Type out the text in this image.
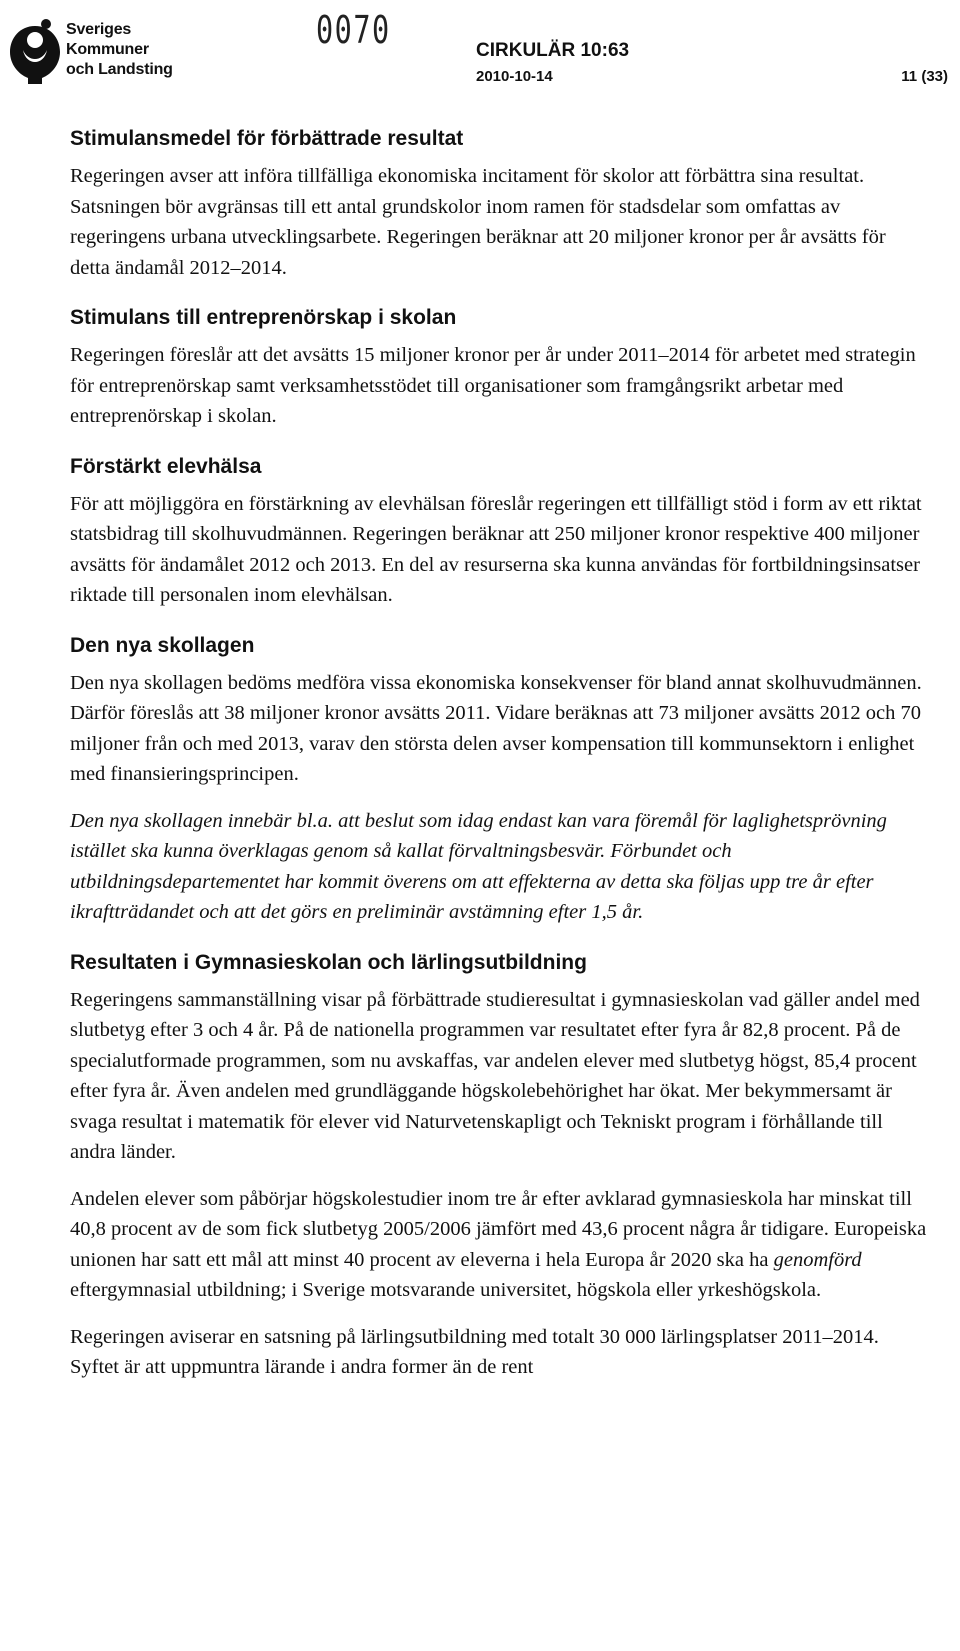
Sveriges
Kommuner
och Landsting
0070	CIRKULÄR 10:63
2010-10-14	11 (33)
Stimulansmedel för förbättrade resultat

Regeringen avser att införa tillfälliga ekonomiska incitament för skolor att förbättra sina resultat. Satsningen bör avgränsas till ett antal grundskolor inom ramen för stadsdelar som omfattas av regeringens urbana utvecklingsarbete. Regeringen beräknar att 20 miljoner kronor per år avsätts för detta ändamål 2012–2014.

Stimulans till entreprenörskap i skolan

Regeringen föreslår att det avsätts 15 miljoner kronor per år under 2011–2014 för arbetet med strategin för entreprenörskap samt verksamhetsstödet till organisationer som framgångsrikt arbetar med entreprenörskap i skolan.

Förstärkt elevhälsa

För att möjliggöra en förstärkning av elevhälsan föreslår regeringen ett tillfälligt stöd i form av ett riktat statsbidrag till skolhuvudmännen. Regeringen beräknar att 250 miljoner kronor respektive 400 miljoner avsätts för ändamålet 2012 och 2013. En del av resurserna ska kunna användas för fortbildningsinsatser riktade till personalen inom elevhälsan.

Den nya skollagen

Den nya skollagen bedöms medföra vissa ekonomiska konsekvenser för bland annat skolhuvudmännen. Därför föreslås att 38 miljoner kronor avsätts 2011. Vidare beräknas att 73 miljoner avsätts 2012 och 70 miljoner från och med 2013, varav den största delen avser kompensation till kommunsektorn i enlighet med finansieringsprincipen.

Den nya skollagen innebär bl.a. att beslut som idag endast kan vara föremål för laglighetsprövning istället ska kunna överklagas genom så kallat förvaltningsbesvär. Förbundet och utbildningsdepartementet har kommit överens om att effekterna av detta ska följas upp tre år efter ikraftträdandet och att det görs en preliminär avstämning efter 1,5 år.

Resultaten i Gymnasieskolan och lärlingsutbildning

Regeringens sammanställning visar på förbättrade studieresultat i gymnasieskolan vad gäller andel med slutbetyg efter 3 och 4 år. På de nationella programmen var resultatet efter fyra år 82,8 procent. På de specialutformade programmen, som nu avskaffas, var andelen elever med slutbetyg högst, 85,4 procent efter fyra år. Även andelen med grundläggande högskolebehörighet har ökat. Mer bekymmersamt är svaga resultat i matematik för elever vid Naturvetenskapligt och Tekniskt program i förhållande till andra länder.

Andelen elever som påbörjar högskolestudier inom tre år efter avklarad gymnasieskola har minskat till 40,8 procent av de som fick slutbetyg 2005/2006 jämfört med 43,6 procent några år tidigare. Europeiska unionen har satt ett mål att minst 40 procent av eleverna i hela Europa år 2020 ska ha genomförd eftergymnasial utbildning; i Sverige motsvarande universitet, högskola eller yrkeshögskola.

Regeringen aviserar en satsning på lärlingsutbildning med totalt 30 000 lärlingsplatser 2011–2014. Syftet är att uppmuntra lärande i andra former än de rent
